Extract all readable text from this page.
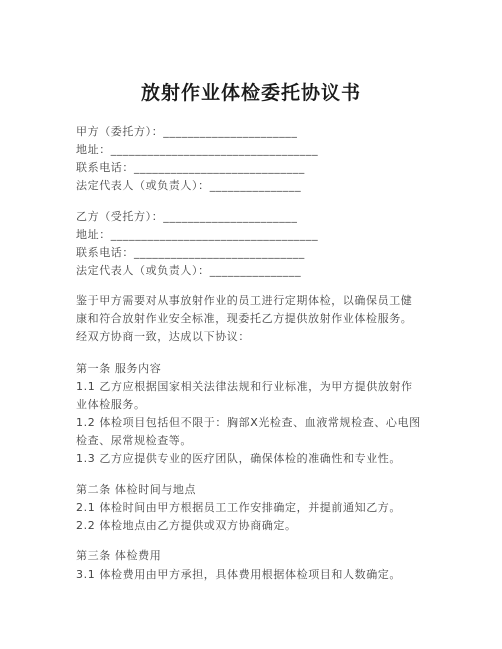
放射作业体检委托协议书
甲方（委托方）：______________________
地址：__________________________________
联系电话：____________________________
法定代表人（或负责人）：_______________
乙方（受托方）：______________________
地址：__________________________________
联系电话：____________________________
法定代表人（或负责人）：_______________
鉴于甲方需要对从事放射作业的员工进行定期体检，以确保员工健康和符合放射作业安全标准，现委托乙方提供放射作业体检服务。经双方协商一致，达成以下协议：
第一条 服务内容
1.1 乙方应根据国家相关法律法规和行业标准，为甲方提供放射作业体检服务。
1.2 体检项目包括但不限于：胸部X光检查、血液常规检查、心电图检查、尿常规检查等。
1.3 乙方应提供专业的医疗团队，确保体检的准确性和专业性。
第二条 体检时间与地点
2.1 体检时间由甲方根据员工工作安排确定，并提前通知乙方。
2.2 体检地点由乙方提供或双方协商确定。
第三条 体检费用
3.1 体检费用由甲方承担，具体费用根据体检项目和人数确定。
